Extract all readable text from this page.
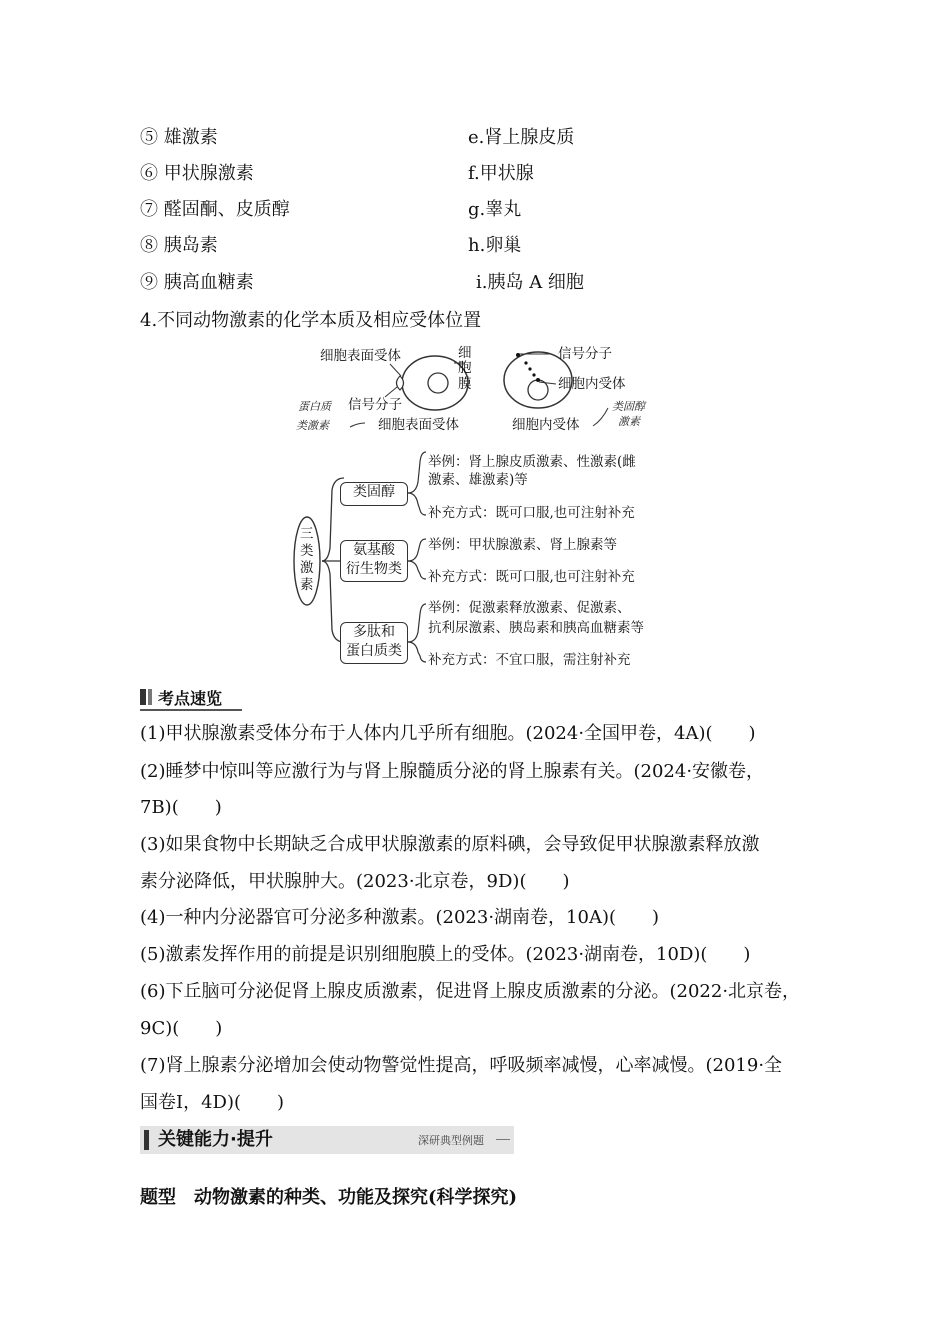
⑤ 雄激素	e.肾上腺皮质
⑥ 甲状腺激素	f.甲状腺
⑦ 醛固酮、皮质醇	g.睾丸
⑧ 胰岛素	h.卵巢
⑨ 胰高血糖素	i.胰岛 A 细胞
4.不同动物激素的化学本质及相应受体位置
细胞表面受体	细
胞
膜
信号分子
细胞表面受体
蛋白质
类激素
信号分子
细胞内受体
细胞内受体
类固醇
激素
三
类
激
素
类固醇
氨基酸
衍生物类
多肽和
蛋白质类
举例：肾上腺皮质激素、性激素(雌
激素、雄激素)等
补充方式：既可口服,也可注射补充
举例：甲状腺激素、肾上腺素等
补充方式：既可口服,也可注射补充
举例：促激素释放激素、促激素、
抗利尿激素、胰岛素和胰高血糖素等
补充方式：不宜口服，需注射补充
考点速览
(1)甲状腺激素受体分布于人体内几乎所有细胞。(2024·全国甲卷，4A)(　　)
(2)睡梦中惊叫等应激行为与肾上腺髓质分泌的肾上腺素有关。(2024·安徽卷，
7B)(　　)
(3)如果食物中长期缺乏合成甲状腺激素的原料碘，会导致促甲状腺激素释放激
素分泌降低，甲状腺肿大。(2023·北京卷，9D)(　　)
(4)一种内分泌器官可分泌多种激素。(2023·湖南卷，10A)(　　)
(5)激素发挥作用的前提是识别细胞膜上的受体。(2023·湖南卷，10D)(　　)
(6)下丘脑可分泌促肾上腺皮质激素，促进肾上腺皮质激素的分泌。(2022·北京卷，
9C)(　　)
(7)肾上腺素分泌增加会使动物警觉性提高，呼吸频率减慢，心率减慢。(2019·全
国卷Ⅰ，4D)(　　)
关键能力·提升	深研典型例题
题型　动物激素的种类、功能及探究(科学探究)
